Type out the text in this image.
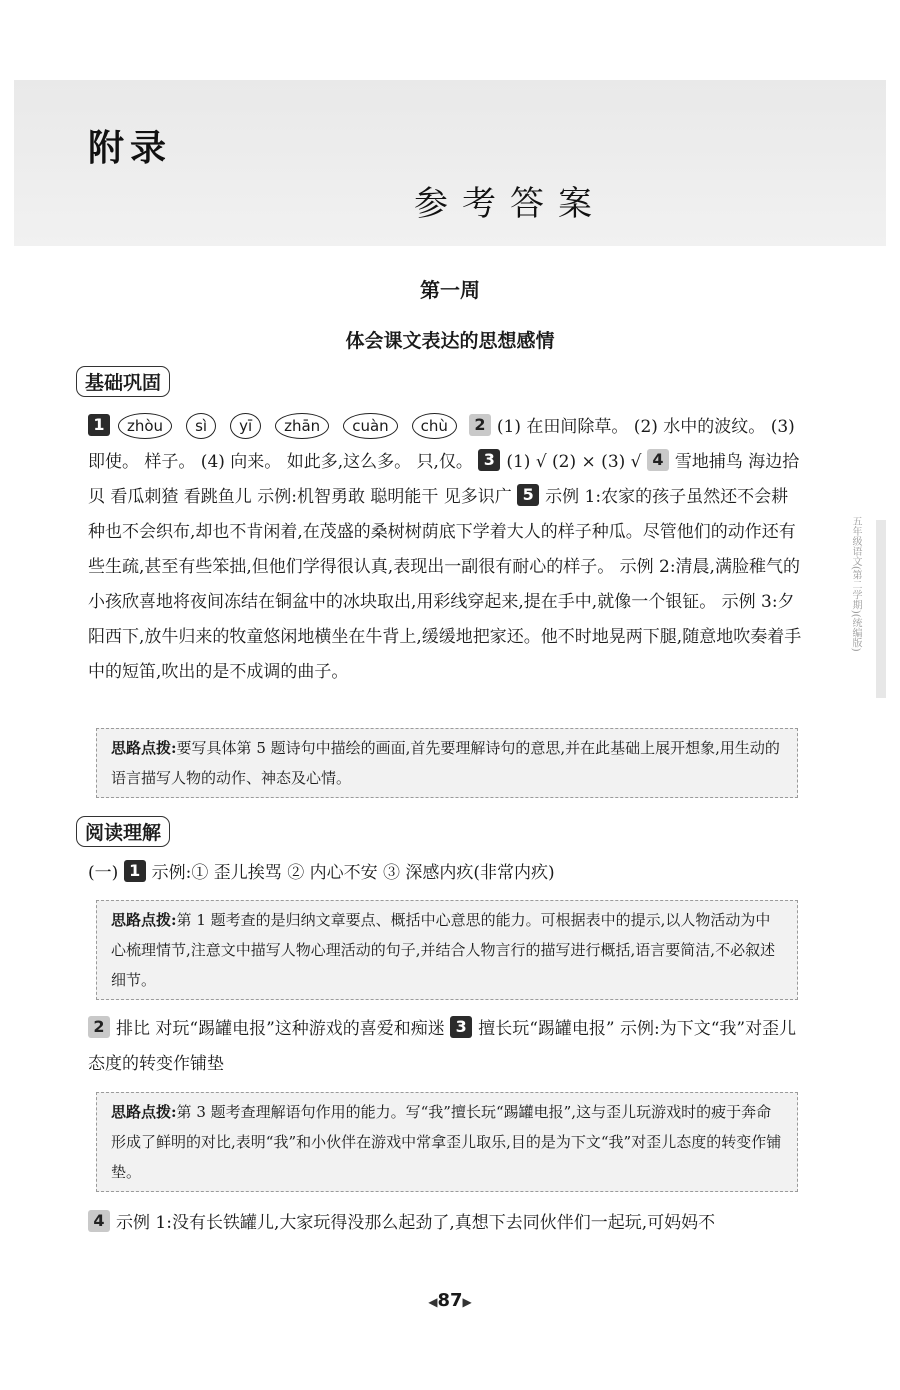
附录
参考答案
五年级语文(第二学期)(统编版)
第一周
体会课文表达的思想感情
基础巩固
1 zhòu sì yī zhān cuàn chù 2 (1) 在田间除草。 (2) 水中的波纹。 (3) 即使。 样子。 (4) 向来。 如此多,这么多。 只,仅。 3 (1) √ (2) × (3) √ 4 雪地捕鸟 海边拾贝 看瓜刺猹 看跳鱼儿 示例:机智勇敢 聪明能干 见多识广 5 示例 1:农家的孩子虽然还不会耕种也不会织布,却也不肯闲着,在茂盛的桑树树荫底下学着大人的样子种瓜。尽管他们的动作还有些生疏,甚至有些笨拙,但他们学得很认真,表现出一副很有耐心的样子。 示例 2:清晨,满脸稚气的小孩欣喜地将夜间冻结在铜盆中的冰块取出,用彩线穿起来,提在手中,就像一个银钲。 示例 3:夕阳西下,放牛归来的牧童悠闲地横坐在牛背上,缓缓地把家还。他不时地晃两下腿,随意地吹奏着手中的短笛,吹出的是不成调的曲子。
思路点拨:要写具体第 5 题诗句中描绘的画面,首先要理解诗句的意思,并在此基础上展开想象,用生动的语言描写人物的动作、神态及心情。
阅读理解
(一) 1 示例:① 歪儿挨骂 ② 内心不安 ③ 深感内疚(非常内疚)
思路点拨:第 1 题考查的是归纳文章要点、概括中心意思的能力。可根据表中的提示,以人物活动为中心梳理情节,注意文中描写人物心理活动的句子,并结合人物言行的描写进行概括,语言要简洁,不必叙述细节。
2 排比 对玩“踢罐电报”这种游戏的喜爱和痴迷 3 擅长玩“踢罐电报” 示例:为下文“我”对歪儿态度的转变作铺垫
思路点拨:第 3 题考查理解语句作用的能力。写“我”擅长玩“踢罐电报”,这与歪儿玩游戏时的疲于奔命形成了鲜明的对比,表明“我”和小伙伴在游戏中常拿歪儿取乐,目的是为下文“我”对歪儿态度的转变作铺垫。
4 示例 1:没有长铁罐儿,大家玩得没那么起劲了,真想下去同伙伴们一起玩,可妈妈不
◀87▶
